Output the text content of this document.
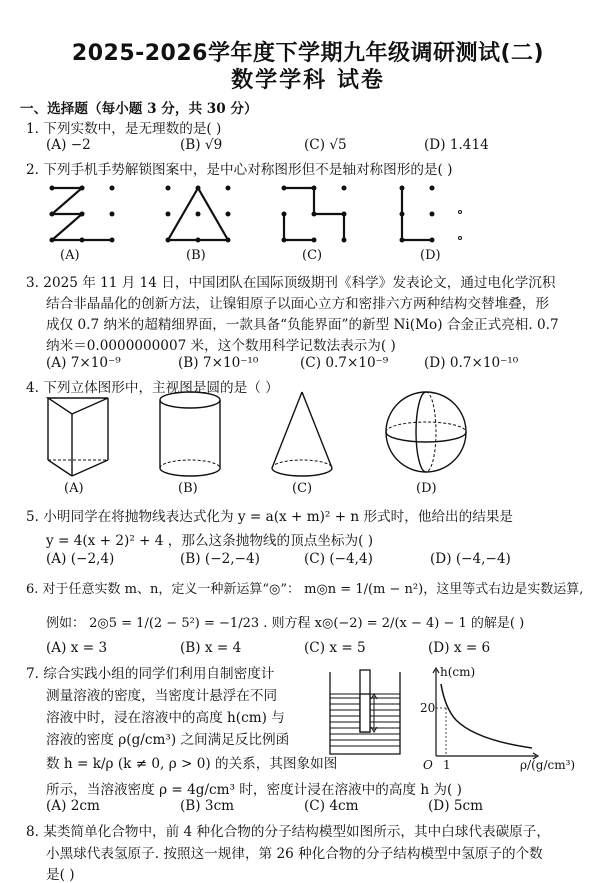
2025-2026学年度下学期九年级调研测试(二)
数学学科 试卷
一、选择题（每小题 3 分，共 30 分）
1. 下列实数中，是无理数的是( )
(A) −2	(B) √9	(C) √5	(D) 1.414
2. 下列手机手势解锁图案中，是中心对称图形但不是轴对称图形的是( )
(A)	(B)	(C)	(D)
3. 2025 年 11 月 14 日，中国团队在国际顶级期刊《科学》发表论文，通过电化学沉积
结合非晶晶化的创新方法，让镍钼原子以面心立方和密排六方两种结构交替堆叠，形
成仅 0.7 纳米的超精细界面，一款具备“负能界面”的新型 Ni(Mo) 合金正式亮相. 0.7
纳米＝0.0000000007 米，这个数用科学记数法表示为( )
(A) 7×10⁻⁹	(B) 7×10⁻¹⁰	(C) 0.7×10⁻⁹	(D) 0.7×10⁻¹⁰
4. 下列立体图形中，主视图是圆的是（ ）
(A)	(B)	(C)	(D)
5. 小明同学在将抛物线表达式化为 y = a(x + m)² + n 形式时，他给出的结果是
y = 4(x + 2)² + 4 ，那么这条抛物线的顶点坐标为( )
(A) (−2,4)	(B) (−2,−4)	(C) (−4,4)	(D) (−4,−4)
6. 对于任意实数 m、n，定义一种新运算“◎”： m◎n = 1/(m − n²)，这里等式右边是实数运算,
例如： 2◎5 = 1/(2 − 5²) = −1/23 . 则方程 x◎(−2) = 2/(x − 4) − 1 的解是( )
(A) x = 3	(B) x = 4	(C) x = 5	(D) x = 6
7. 综合实践小组的同学们利用自制密度计
测量溶液的密度，当密度计悬浮在不同
溶液中时，浸在溶液中的高度 h(cm) 与
溶液的密度 ρ(g/cm³) 之间满足反比例函
数 h = k/ρ (k ≠ 0, ρ > 0) 的关系，其图象如图
所示，当溶液密度 ρ = 4g/cm³ 时，密度计浸在溶液中的高度 h 为( )
(A) 2cm	(B) 3cm	(C) 4cm	(D) 5cm
h(cm)
ρ/(g/cm³)
20
1
O
8. 某类简单化合物中，前 4 种化合物的分子结构模型如图所示，其中白球代表碳原子，
小黑球代表氢原子. 按照这一规律，第 26 种化合物的分子结构模型中氢原子的个数
是( )
